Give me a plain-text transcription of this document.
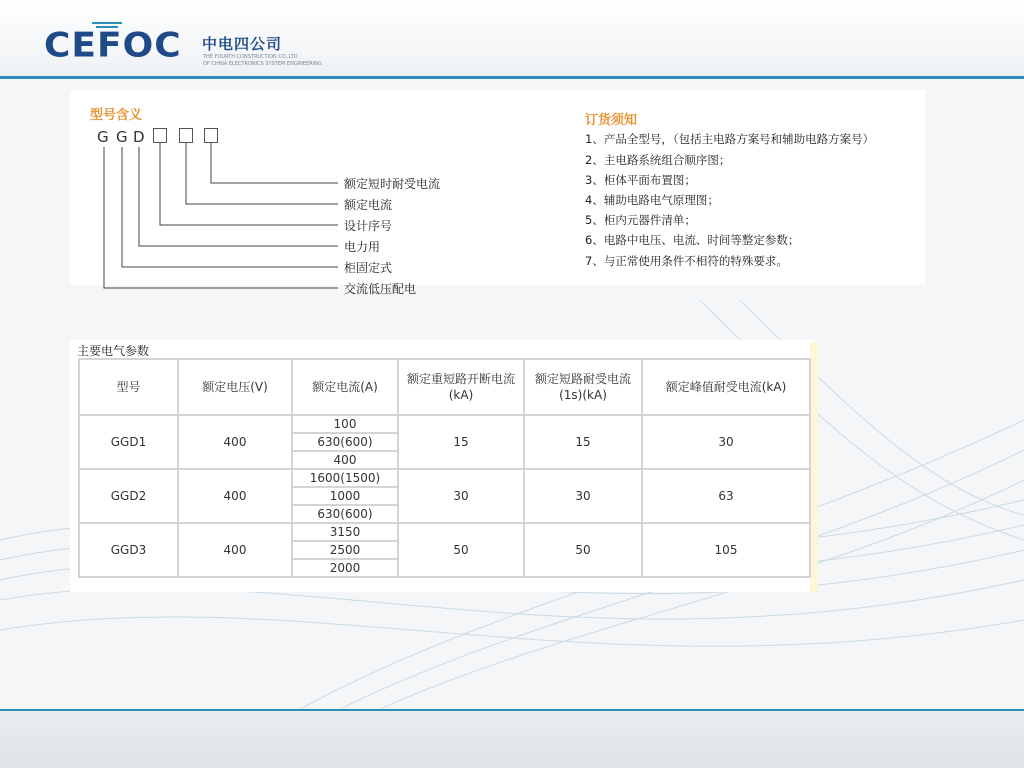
CEFOC 中电四公司
THE FOURTH CONSTRUCTION CO.,LTD
OF CHINA ELECTRONICS SYSTEM ENGINEERING
型号含义
G G D
额定短时耐受电流
额定电流
设计序号
电力用
柜固定式
交流低压配电
订货须知
1、产品全型号，（包括主电路方案号和辅助电路方案号）
2、主电路系统组合顺序图；
3、柜体平面布置图；
4、辅助电路电气原理图；
5、柜内元器件清单；
6、电路中电压、电流、时间等整定参数；
7、与正常使用条件不相符的特殊要求。
主要电气参数
型号	额定电压(V)	额定电流(A)	额定重短路开断电流(kA)	额定短路耐受电流(1s)(kA)	额定峰值耐受电流(kA)
GGD1	400	100	15	15	30
		630(600)			
		400			
GGD2	400	1600(1500)	30	30	63
		1000			
		630(600)			
GGD3	400	3150	50	50	105
		2500			
		2000			
